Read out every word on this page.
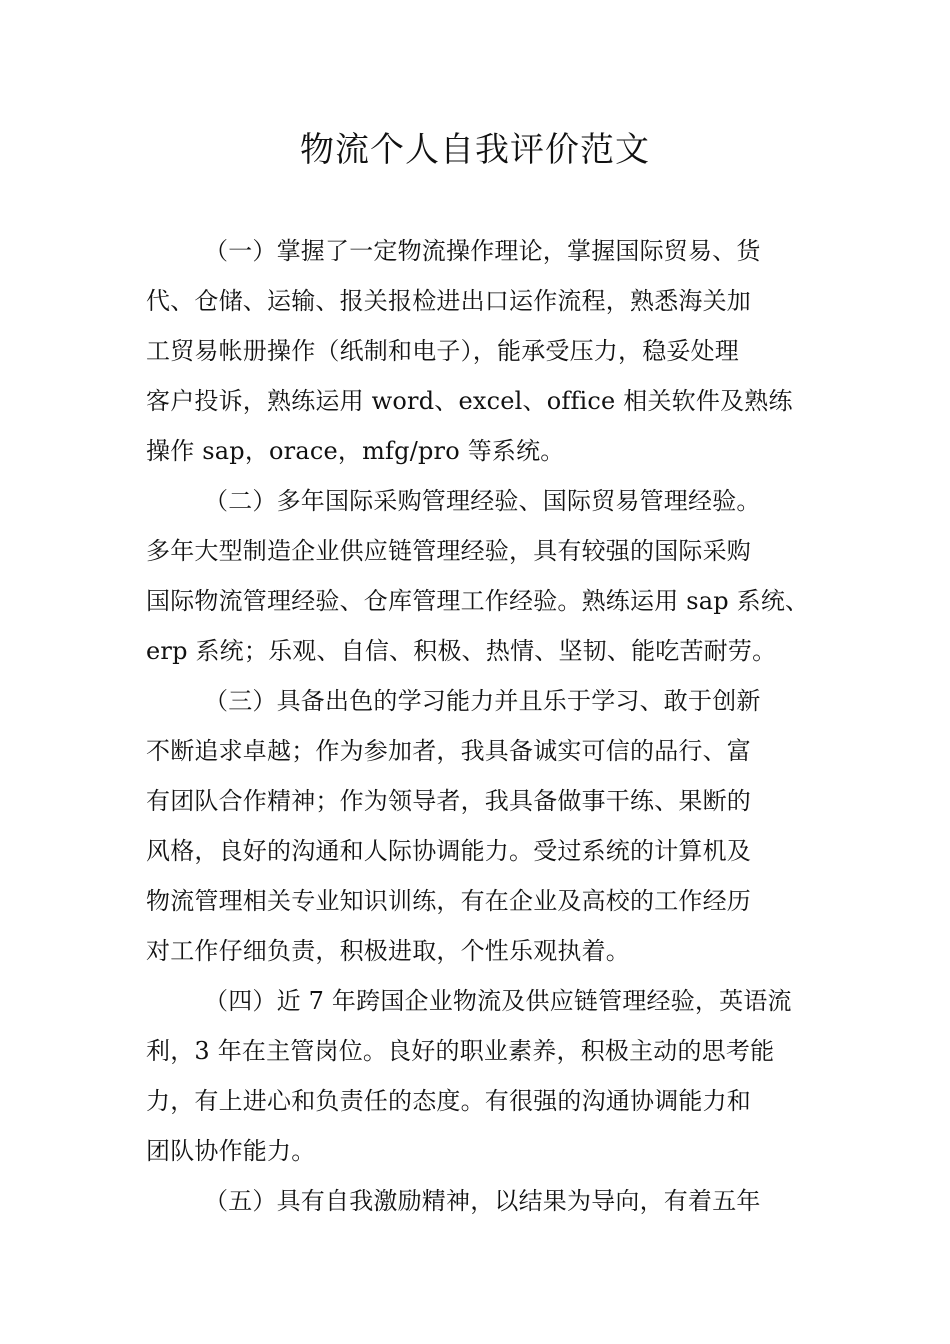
物流个人自我评价范文
（一）掌握了一定物流操作理论，掌握国际贸易、货
代、仓储、运输、报关报检进出口运作流程，熟悉海关加
工贸易帐册操作（纸制和电子），能承受压力，稳妥处理
客户投诉，熟练运用 word、excel、office 相关软件及熟练
操作 sap，orace，mfg/pro 等系统。
（二）多年国际采购管理经验、国际贸易管理经验。
多年大型制造企业供应链管理经验，具有较强的国际采购
国际物流管理经验、仓库管理工作经验。熟练运用 sap 系统、
erp 系统；乐观、自信、积极、热情、坚韧、能吃苦耐劳。
（三）具备出色的学习能力并且乐于学习、敢于创新
不断追求卓越；作为参加者，我具备诚实可信的品行、富
有团队合作精神；作为领导者，我具备做事干练、果断的
风格，良好的沟通和人际协调能力。受过系统的计算机及
物流管理相关专业知识训练，有在企业及高校的工作经历
对工作仔细负责，积极进取，个性乐观执着。
（四）近 7 年跨国企业物流及供应链管理经验，英语流
利，3 年在主管岗位。良好的职业素养，积极主动的思考能
力，有上进心和负责任的态度。有很强的沟通协调能力和
团队协作能力。
（五）具有自我激励精神，以结果为导向，有着五年
